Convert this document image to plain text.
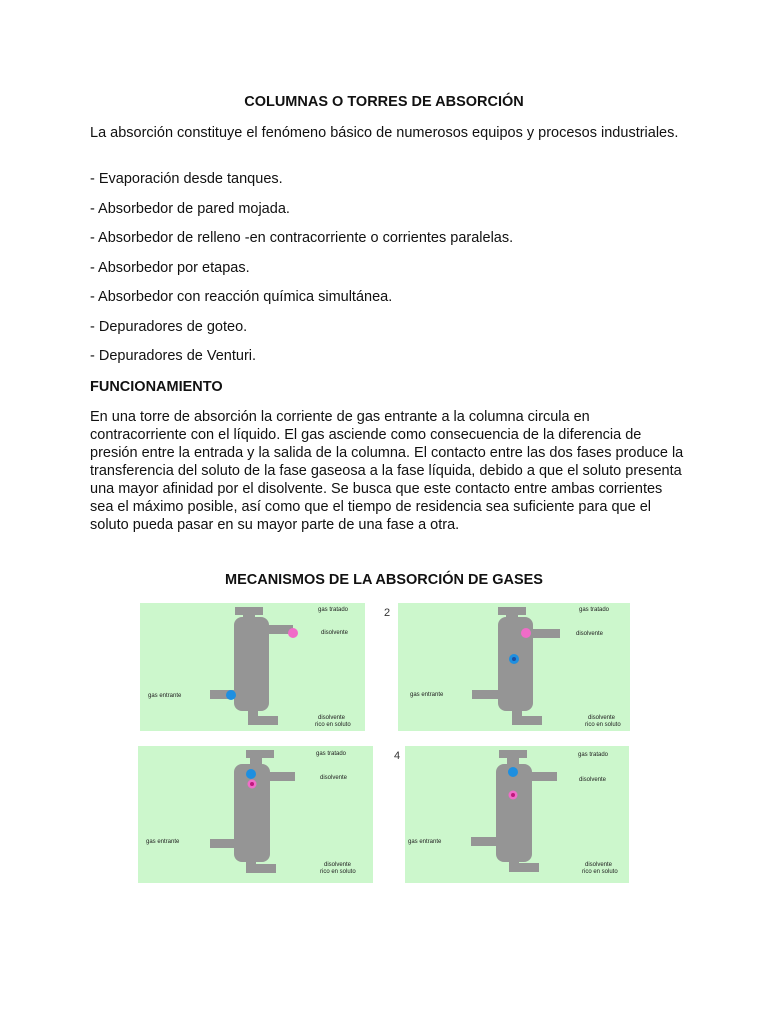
COLUMNAS O TORRES DE ABSORCIÓN
La absorción constituye el fenómeno básico de numerosos equipos y procesos industriales.
- Evaporación desde tanques.
- Absorbedor de pared mojada.
- Absorbedor de relleno -en contracorriente o corrientes paralelas.
- Absorbedor por etapas.
- Absorbedor con reacción química simultánea.
- Depuradores de goteo.
- Depuradores de Venturi.
FUNCIONAMIENTO
En una torre de absorción la corriente de gas entrante a la columna circula en contracorriente con el líquido. El gas asciende como consecuencia de la diferencia de presión entre la entrada y la salida de la columna. El contacto entre las dos fases produce la transferencia del soluto de la fase gaseosa a la fase líquida, debido a que el soluto presenta una mayor afinidad por el disolvente. Se busca que este contacto entre ambas corrientes sea el máximo posible, así como que el tiempo de residencia sea suficiente para que el soluto pueda pasar en su mayor parte de una fase a otra.
MECANISMOS DE LA ABSORCIÓN DE GASES
gas tratado
disolvente
gas entrante
disolvente
rico en soluto
2	gas tratado
disolvente
gas entrante
disolvente
rico en soluto
gas tratado
disolvente
gas entrante
disolvente
rico en soluto
4	gas tratado
disolvente
gas entrante
disolvente
rico en soluto
